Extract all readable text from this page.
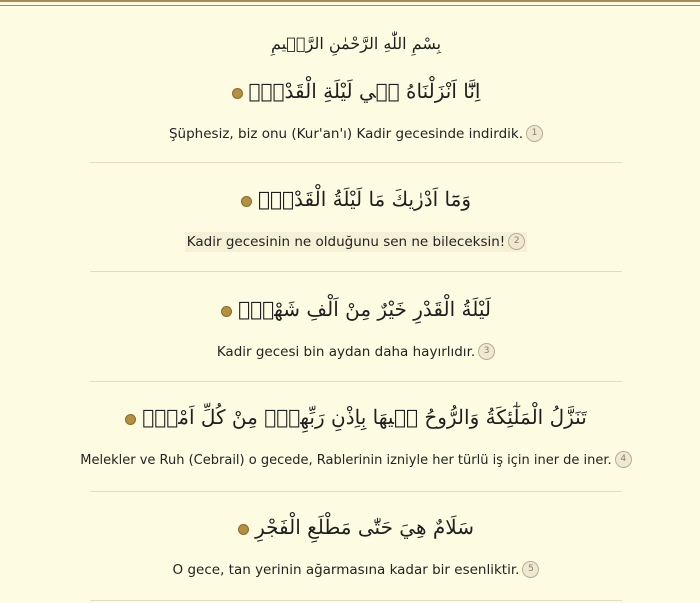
بِسْمِ اللّٰهِ الرَّحْمٰنِ الرَّح۪يمِ
اِنَّٓا اَنْزَلْنَاهُ ف۪ي لَيْلَةِ الْقَدْرِۚ
Şüphesiz, biz onu (Kur'an'ı) Kadir gecesinde indirdik. 1
وَمَٓا اَدْرٰيكَ مَا لَيْلَةُ الْقَدْرِۜ
Kadir gecesinin ne olduğunu sen ne bileceksin! 2
لَيْلَةُ الْقَدْرِ خَيْرٌ مِنْ اَلْفِ شَهْرٍۜ
Kadir gecesi bin aydan daha hayırlıdır. 3
تَنَزَّلُ الْمَلٰٓئِكَةُ وَالرُّوحُ ف۪يهَا بِاِذْنِ رَبِّهِمْۚ مِنْ كُلِّ اَمْرٍۙ
Melekler ve Ruh (Cebrail) o gecede, Rablerinin izniyle her türlü iş için iner de iner. 4
سَلَامٌ هِيَ حَتّٰى مَطْلَعِ الْفَجْرِ
O gece, tan yerinin ağarmasına kadar bir esenliktir. 5
